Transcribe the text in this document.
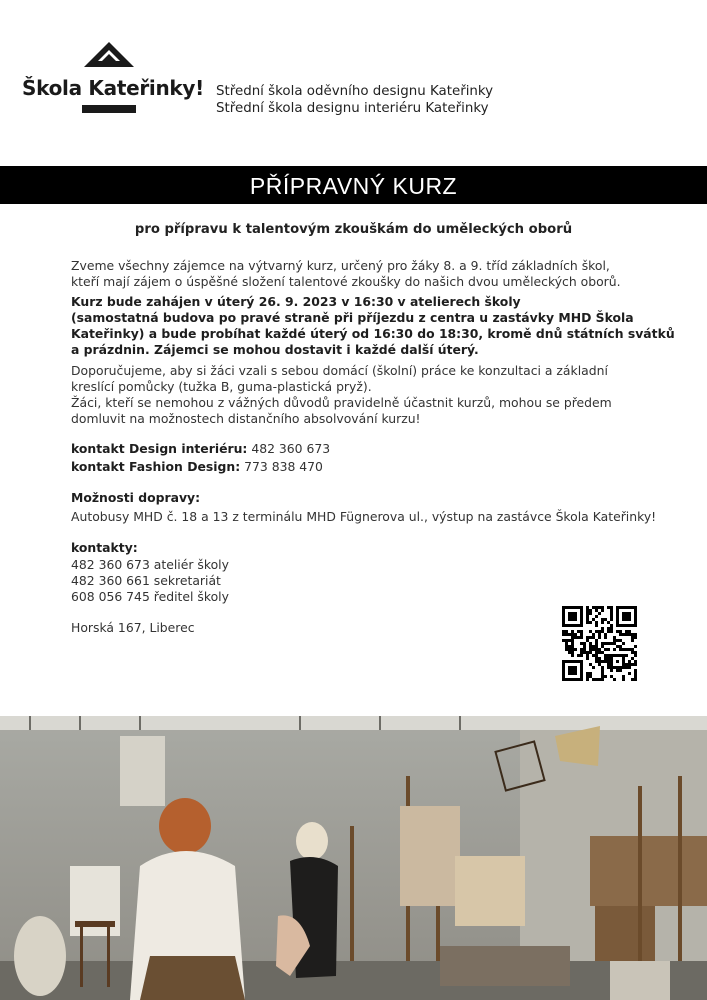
Škola Kateřinky! Střední škola oděvního designu Kateřinky
Střední škola designu interiéru Kateřinky
PŘÍPRAVNÝ KURZ
pro přípravu k talentovým zkouškám do uměleckých oborů
Zveme všechny zájemce na výtvarný kurz, určený pro žáky 8. a 9. tříd základních škol,
kteří mají zájem o úspěšné složení talentové zkoušky do našich dvou uměleckých oborů.
Kurz bude zahájen v úterý 26. 9. 2023 v 16:30 v atelierech školy
(samostatná budova po pravé straně při příjezdu z centra u zastávky MHD Škola
Kateřinky) a bude probíhat každé úterý od 16:30 do 18:30, kromě dnů státních svátků
a prázdnin. Zájemci se mohou dostavit i každé další úterý.
Doporučujeme, aby si žáci vzali s sebou domácí (školní) práce ke konzultaci a základní
kreslící pomůcky (tužka B, guma-plastická pryž).
Žáci, kteří se nemohou z vážných důvodů pravidelně účastnit kurzů, mohou se předem
domluvit na možnostech distančního absolvování kurzu!
kontakt Design interiéru: 482 360 673
kontakt Fashion Design: 773 838 470
Možnosti dopravy:
Autobusy MHD č. 18 a 13 z terminálu MHD Fügnerova ul., výstup na zastávce Škola Kateřinky!
kontakty:
482 360 673 ateliér školy
482 360 661 sekretariát
608 056 745 ředitel školy
Horská 167, Liberec
